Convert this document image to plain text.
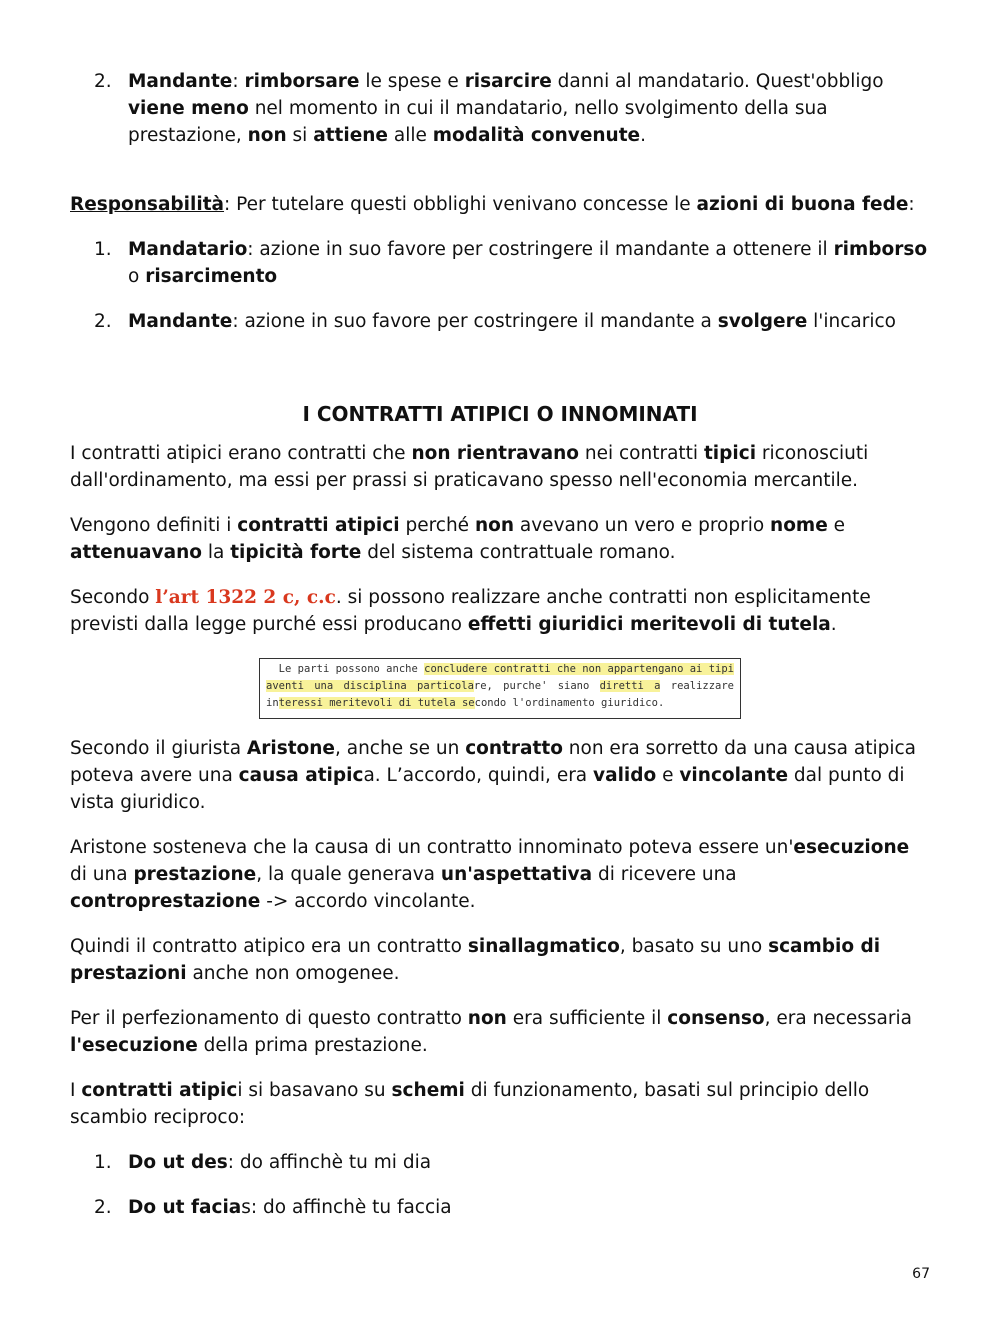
2. Mandante: rimborsare le spese e risarcire danni al mandatario. Quest'obbligo viene meno nel momento in cui il mandatario, nello svolgimento della sua prestazione, non si attiene alle modalità convenute.

Responsabilità: Per tutelare questi obblighi venivano concesse le azioni di buona fede:

1. Mandatario: azione in suo favore per costringere il mandante a ottenere il rimborso o risarcimento
2. Mandante: azione in suo favore per costringere il mandante a svolgere l'incarico
I CONTRATTI ATIPICI O INNOMINATI

I contratti atipici erano contratti che non rientravano nei contratti tipici riconosciuti dall'ordinamento, ma essi per prassi si praticavano spesso nell'economia mercantile.

Vengono definiti i contratti atipici perché non avevano un vero e proprio nome e attenuavano la tipicità forte del sistema contrattuale romano.

Secondo l’art 1322 2 c, c.c. si possono realizzare anche contratti non esplicitamente previsti dalla legge purché essi producano effetti giuridici meritevoli di tutela.

Le parti possono anche concludere contratti che non appartengano ai tipi aventi una disciplina particolare, purche' siano diretti a realizzare interessi meritevoli di tutela secondo l'ordinamento giuridico.

Secondo il giurista Aristone, anche se un contratto non era sorretto da una causa atipica poteva avere una causa atipica. L’accordo, quindi, era valido e vincolante dal punto di vista giuridico.

Aristone sosteneva che la causa di un contratto innominato poteva essere un'esecuzione di una prestazione, la quale generava un'aspettativa di ricevere una controprestazione -> accordo vincolante.

Quindi il contratto atipico era un contratto sinallagmatico, basato su uno scambio di prestazioni anche non omogenee.

Per il perfezionamento di questo contratto non era sufficiente il consenso, era necessaria l'esecuzione della prima prestazione.

I contratti atipici si basavano su schemi di funzionamento, basati sul principio dello scambio reciproco:

1. Do ut des: do affinchè tu mi dia
2. Do ut facias: do affinchè tu faccia
67
